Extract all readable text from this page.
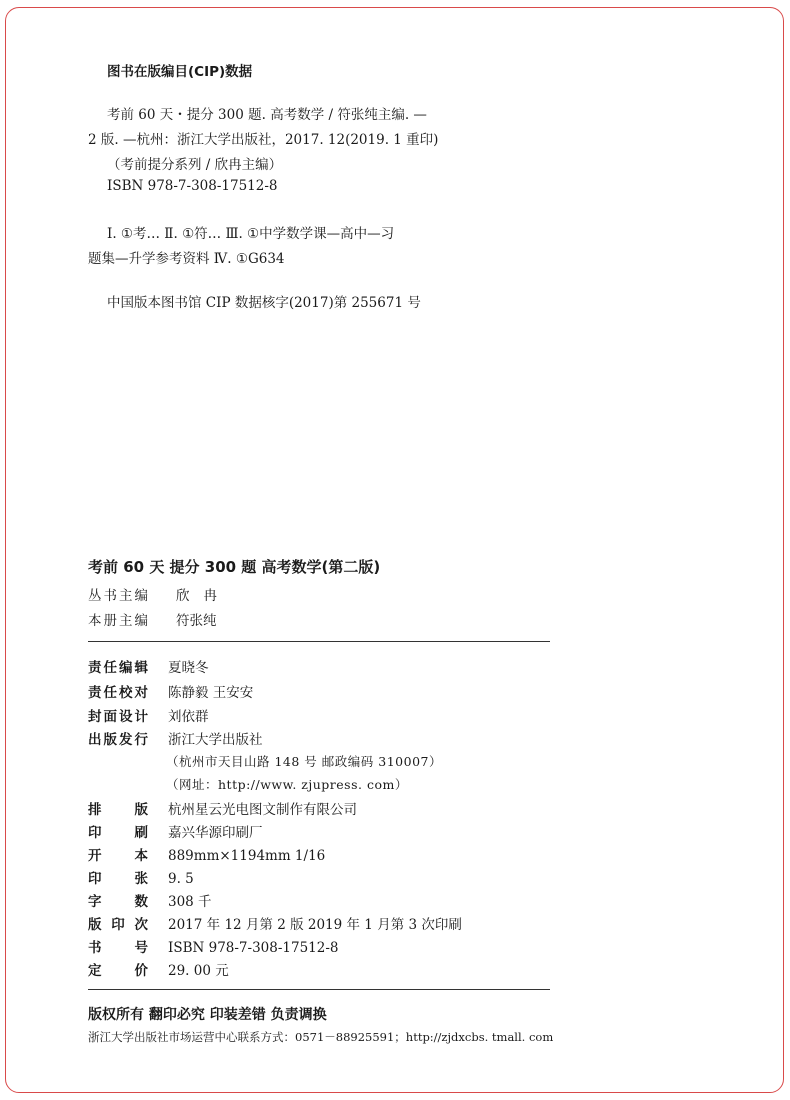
图书在版编目(CIP)数据
考前 60 天・提分 300 题. 高考数学 / 符张纯主编. —
2 版. —杭州：浙江大学出版社，2017. 12(2019. 1 重印)
（考前提分系列 / 欣冉主编）
ISBN 978-7-308-17512-8
Ⅰ. ①考… Ⅱ. ①符… Ⅲ. ①中学数学课—高中—习
题集—升学参考资料 Ⅳ. ①G634
中国版本图书馆 CIP 数据核字(2017)第 255671 号
考前 60 天 提分 300 题 高考数学(第二版)
丛书主编 欣冉
本册主编 符张纯
责任编辑 夏晓冬
责任校对 陈静毅 王安安
封面设计 刘依群
出版发行 浙江大学出版社
（杭州市天目山路 148 号 邮政编码 310007）
（网址：http://www. zjupress. com）
排版 杭州星云光电图文制作有限公司
印刷 嘉兴华源印刷厂
开本 889mm×1194mm 1/16
印张 9. 5
字数 308 千
版印次 2017 年 12 月第 2 版 2019 年 1 月第 3 次印刷
书号 ISBN 978-7-308-17512-8
定价 29. 00 元
版权所有 翻印必究 印装差错 负责调换
浙江大学出版社市场运营中心联系方式：0571－88925591；http://zjdxcbs. tmall. com
